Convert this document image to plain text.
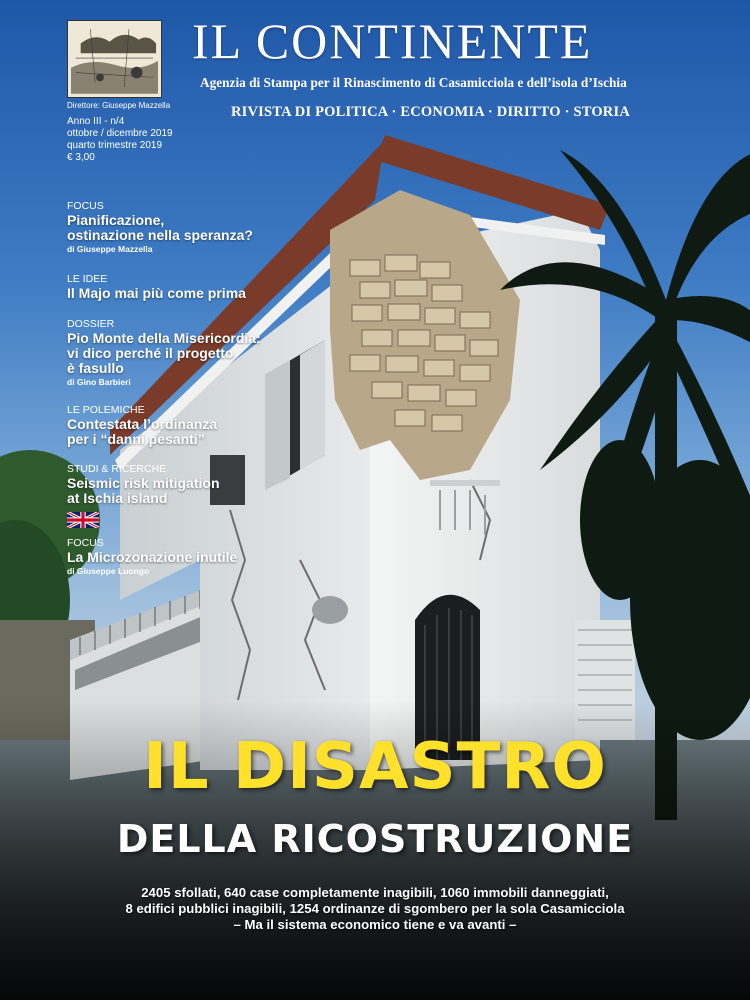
Direttore: Giuseppe Mazzella
IL CONTINENTE
Agenzia di Stampa per il Rinascimento di Casamicciola e dell’isola d’Ischia
RIVISTA DI POLITICA · ECONOMIA · DIRITTO · STORIA
Anno III - n/4
ottobre / dicembre 2019
quarto trimestre 2019
€ 3,00
FOCUS
Pianificazione,
ostinazione nella speranza?
di Giuseppe Mazzella
LE IDEE
Il Majo mai più come prima
DOSSIER
Pio Monte della Misericordia:
vi dico perché il progetto
è fasullo
di Gino Barbieri
LE POLEMICHE
Contestata l’ordinanza
per i “danni pesanti”
STUDI & RICERCHE
Seismic risk mitigation
at Ischia island
FOCUS
La Microzonazione inutile
di Giuseppe Luongo
IL DISASTRO
DELLA RICOSTRUZIONE
2405 sfollati, 640 case completamente inagibili, 1060 immobili danneggiati,
8 edifici pubblici inagibili, 1254 ordinanze di sgombero per la sola Casamicciola
– Ma il sistema economico tiene e va avanti –
